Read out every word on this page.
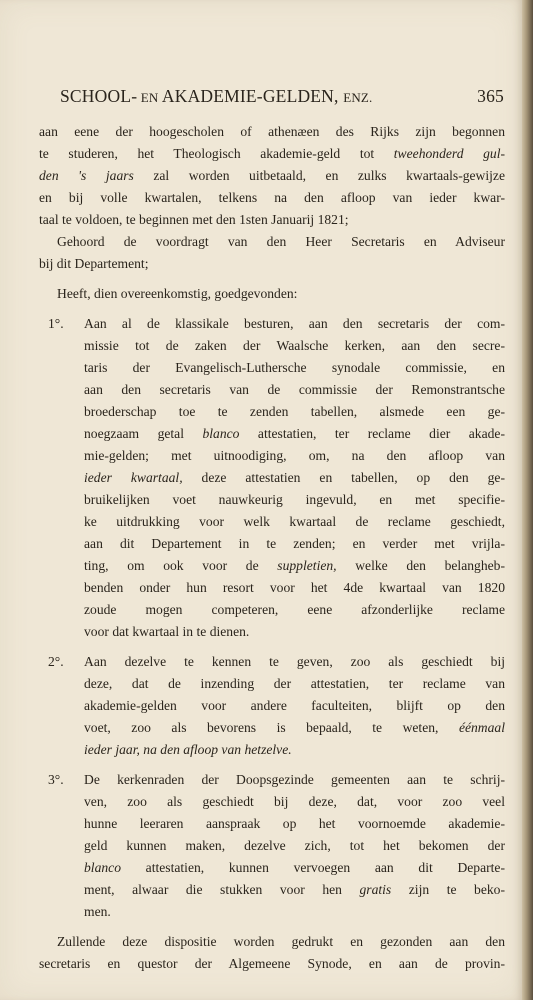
SCHOOL- EN AKADEMIE-GELDEN, ENZ.	365

aan eene der hoogescholen of athenæen des Rijks zijn begonnen

te studeren, het Theologisch akademie-geld tot tweehonderd gul-

den 's jaars zal worden uitbetaald, en zulks kwartaals-gewijze

en bij volle kwartalen, telkens na den afloop van ieder kwar-

taal te voldoen, te beginnen met den 1sten Januarij 1821;

Gehoord de voordragt van den Heer Secretaris en Adviseur

bij dit Departement;

Heeft, dien overeenkomstig, goedgevonden:

1°.	Aan al de klassikale besturen, aan den secretaris der com-

missie tot de zaken der Waalsche kerken, aan den secre-

taris der Evangelisch-Luthersche synodale commissie, en

aan den secretaris van de commissie der Remonstrantsche

broederschap toe te zenden tabellen, alsmede een ge-

noegzaam getal blanco attestatien, ter reclame dier akade-

mie-gelden; met uitnoodiging, om, na den afloop van

ieder kwartaal, deze attestatien en tabellen, op den ge-

bruikelijken voet nauwkeurig ingevuld, en met specifie-

ke uitdrukking voor welk kwartaal de reclame geschiedt,

aan dit Departement in te zenden; en verder met vrijla-

ting, om ook voor de suppletien, welke den belangheb-

benden onder hun resort voor het 4de kwartaal van 1820

zoude mogen competeren, eene afzonderlijke reclame

voor dat kwartaal in te dienen.

2°.	Aan dezelve te kennen te geven, zoo als geschiedt bij

deze, dat de inzending der attestatien, ter reclame van

akademie-gelden voor andere faculteiten, blijft op den

voet, zoo als bevorens is bepaald, te weten, éénmaal

ieder jaar, na den afloop van hetzelve.

3°.	De kerkenraden der Doopsgezinde gemeenten aan te schrij-

ven, zoo als geschiedt bij deze, dat, voor zoo veel

hunne leeraren aanspraak op het voornoemde akademie-

geld kunnen maken, dezelve zich, tot het bekomen der

blanco attestatien, kunnen vervoegen aan dit Departe-

ment, alwaar die stukken voor hen gratis zijn te beko-

men.

Zullende deze dispositie worden gedrukt en gezonden aan den

secretaris en questor der Algemeene Synode, en aan de provin-
